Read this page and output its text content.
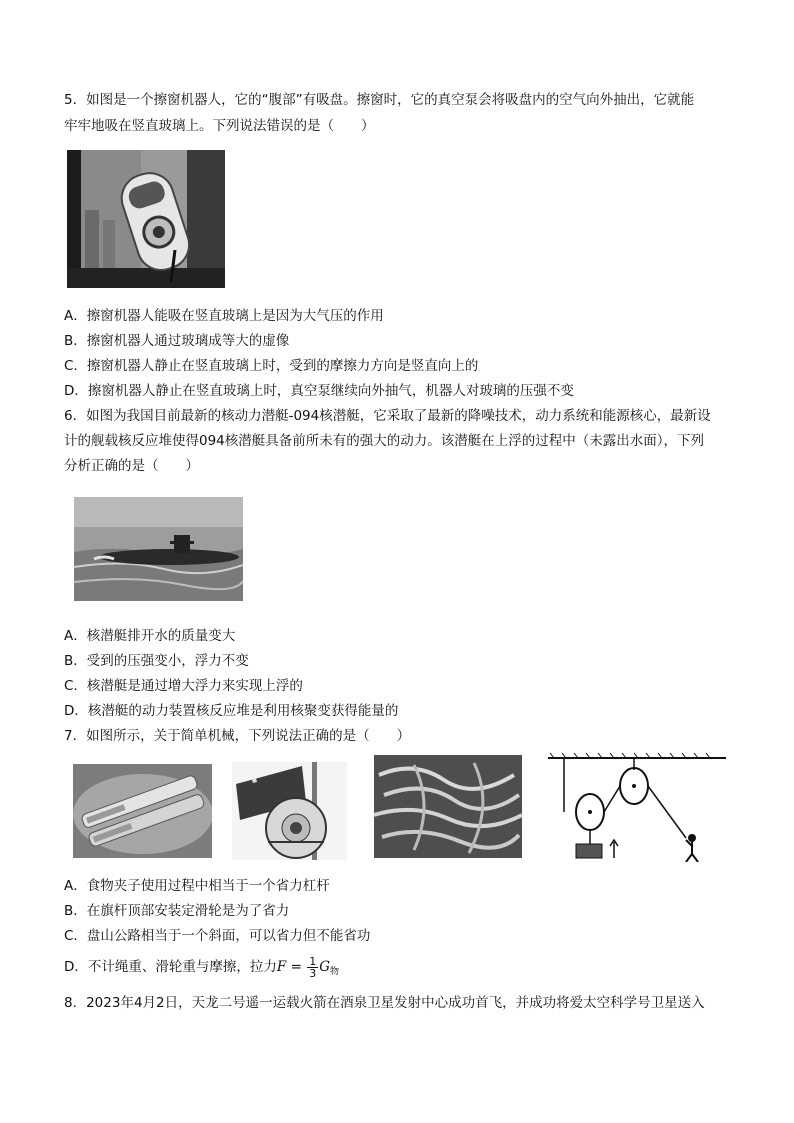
5．如图是一个擦窗机器人，它的“腹部”有吸盘。擦窗时，它的真空泵会将吸盘内的空气向外抽出，它就能
牢牢地吸在竖直玻璃上。下列说法错误的是（　　）
A．擦窗机器人能吸在竖直玻璃上是因为大气压的作用
B．擦窗机器人通过玻璃成等大的虚像
C．擦窗机器人静止在竖直玻璃上时，受到的摩擦力方向是竖直向上的
D．擦窗机器人静止在竖直玻璃上时，真空泵继续向外抽气，机器人对玻璃的压强不变
6．如图为我国目前最新的核动力潜艇-094核潜艇，它采取了最新的降噪技术，动力系统和能源核心，最新设
计的舰载核反应堆使得094核潜艇具备前所未有的强大的动力。该潜艇在上浮的过程中（未露出水面），下列
分析正确的是（　　）
A．核潜艇排开水的质量变大
B．受到的压强变小，浮力不变
C．核潜艇是通过增大浮力来实现上浮的
D．核潜艇的动力装置核反应堆是利用核聚变获得能量的
7．如图所示，关于简单机械，下列说法正确的是（　　）
A．食物夹子使用过程中相当于一个省力杠杆
B．在旗杆顶部安装定滑轮是为了省力
C．盘山公路相当于一个斜面，可以省力但不能省功
D．不计绳重、滑轮重与摩擦，拉力$F = \frac{1}{3} G_物$
8．2023年4月2日，天龙二号遥一运载火箭在酒泉卫星发射中心成功首飞，并成功将爱太空科学号卫星送入
